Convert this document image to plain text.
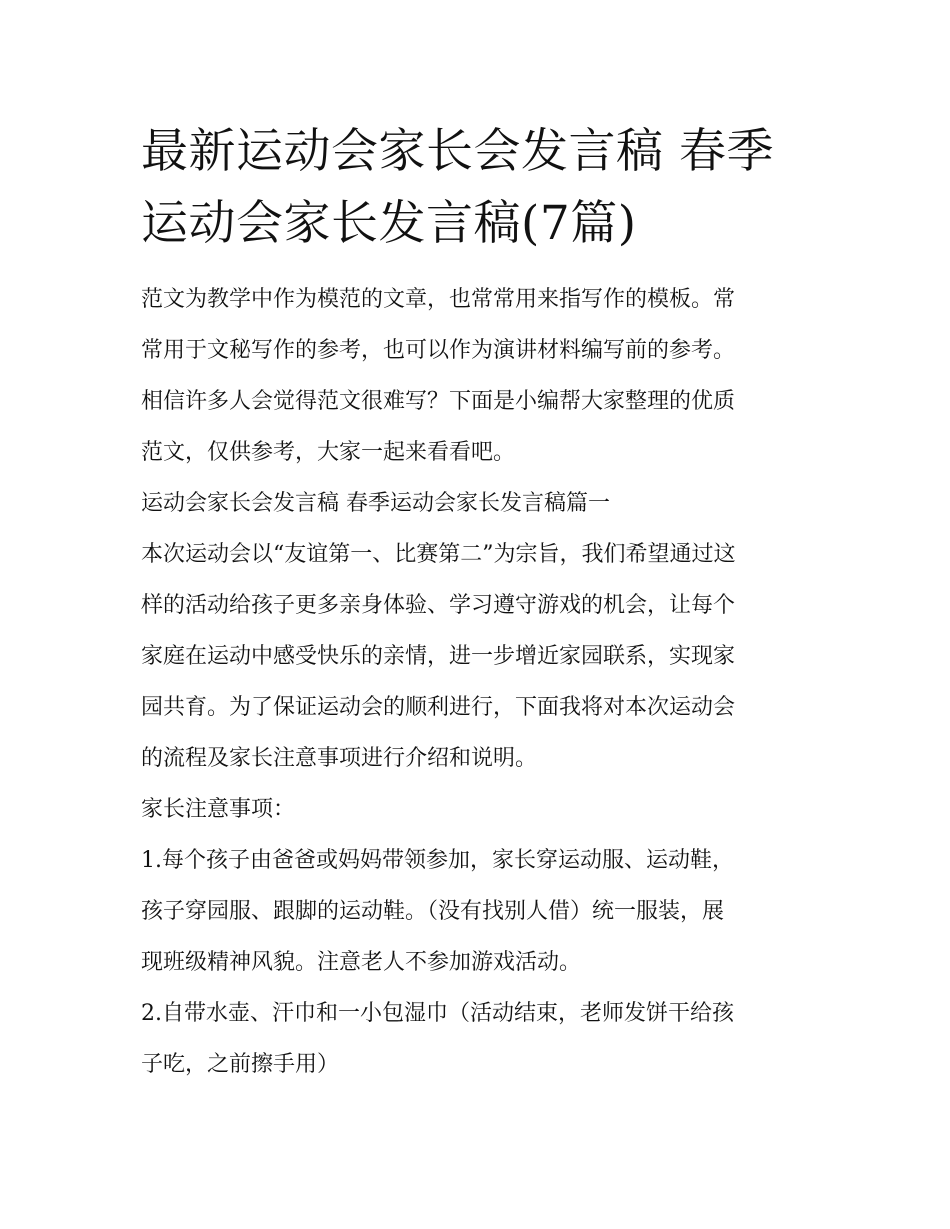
最新运动会家长会发言稿 春季
运动会家长发言稿(7篇)

范文为教学中作为模范的文章，也常常用来指写作的模板。常
常用于文秘写作的参考，也可以作为演讲材料编写前的参考。
相信许多人会觉得范文很难写？下面是小编帮大家整理的优质
范文，仅供参考，大家一起来看看吧。

运动会家长会发言稿 春季运动会家长发言稿篇一

本次运动会以“友谊第一、比赛第二”为宗旨，我们希望通过这
样的活动给孩子更多亲身体验、学习遵守游戏的机会，让每个
家庭在运动中感受快乐的亲情，进一步增近家园联系，实现家
园共育。为了保证运动会的顺利进行，下面我将对本次运动会
的流程及家长注意事项进行介绍和说明。

家长注意事项：

1.每个孩子由爸爸或妈妈带领参加，家长穿运动服、运动鞋，
孩子穿园服、跟脚的运动鞋。（没有找别人借）统一服装，展
现班级精神风貌。注意老人不参加游戏活动。

2.自带水壶、汗巾和一小包湿巾（活动结束，老师发饼干给孩
子吃，之前擦手用）
